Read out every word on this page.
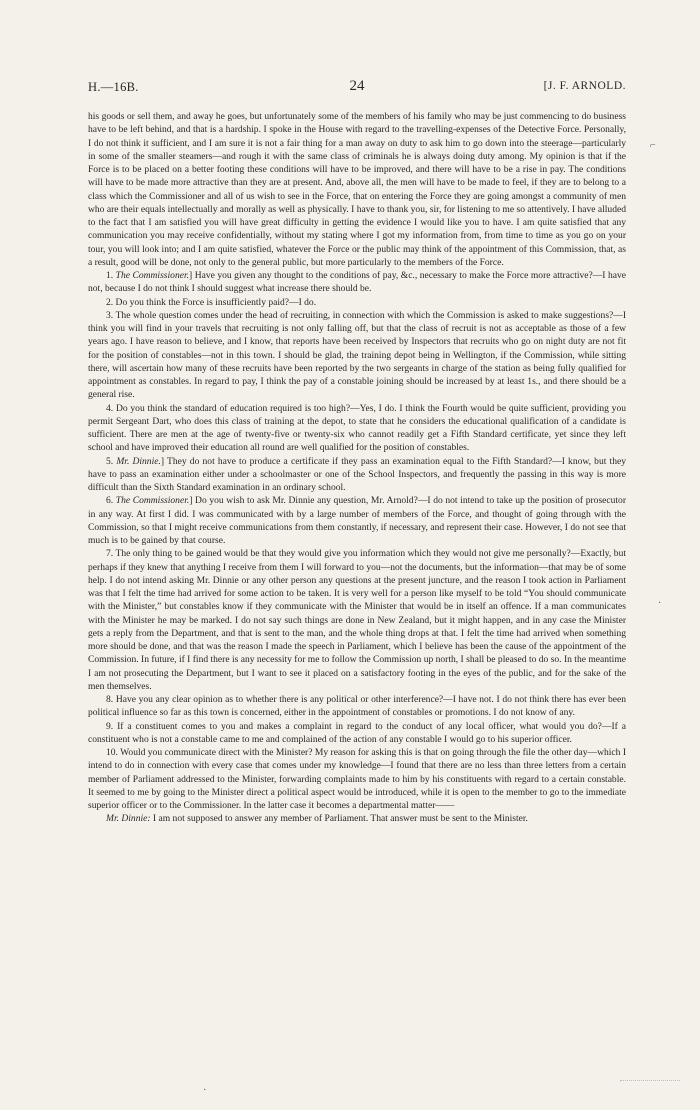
H.—16B.	24	[J. F. ARNOLD.

his goods or sell them, and away he goes, but unfortunately some of the members of his family who may be just commencing to do business have to be left behind, and that is a hardship. I spoke in the House with regard to the travelling-expenses of the Detective Force. Personally, I do not think it sufficient, and I am sure it is not a fair thing for a man away on duty to ask him to go down into the steerage—particularly in some of the smaller steamers—and rough it with the same class of criminals he is always doing duty among. My opinion is that if the Force is to be placed on a better footing these conditions will have to be improved, and there will have to be a rise in pay. The conditions will have to be made more attractive than they are at present. And, above all, the men will have to be made to feel, if they are to belong to a class which the Commissioner and all of us wish to see in the Force, that on entering the Force they are going amongst a community of men who are their equals intellectually and morally as well as physically. I have to thank you, sir, for listening to me so attentively. I have alluded to the fact that I am satisfied you will have great difficulty in getting the evidence I would like you to have. I am quite satisfied that any communication you may receive confidentially, without my stating where I got my information from, from time to time as you go on your tour, you will look into; and I am quite satisfied, whatever the Force or the public may think of the appointment of this Commission, that, as a result, good will be done, not only to the general public, but more particularly to the members of the Force.

1. The Commissioner.] Have you given any thought to the conditions of pay, &c., necessary to make the Force more attractive?—I have not, because I do not think I should suggest what increase there should be.

2. Do you think the Force is insufficiently paid?—I do.

3. The whole question comes under the head of recruiting, in connection with which the Commission is asked to make suggestions?—I think you will find in your travels that recruiting is not only falling off, but that the class of recruit is not as acceptable as those of a few years ago. I have reason to believe, and I know, that reports have been received by Inspectors that recruits who go on night duty are not fit for the position of constables—not in this town. I should be glad, the training depot being in Wellington, if the Commission, while sitting there, will ascertain how many of these recruits have been reported by the two sergeants in charge of the station as being fully qualified for appointment as constables. In regard to pay, I think the pay of a constable joining should be increased by at least 1s., and there should be a general rise.

4. Do you think the standard of education required is too high?—Yes, I do. I think the Fourth would be quite sufficient, providing you permit Sergeant Dart, who does this class of training at the depot, to state that he considers the educational qualification of a candidate is sufficient. There are men at the age of twenty-five or twenty-six who cannot readily get a Fifth Standard certificate, yet since they left school and have improved their education all round are well qualified for the position of constables.

5. Mr. Dinnie.] They do not have to produce a certificate if they pass an examination equal to the Fifth Standard?—I know, but they have to pass an examination either under a schoolmaster or one of the School Inspectors, and frequently the passing in this way is more difficult than the Sixth Standard examination in an ordinary school.

6. The Commissioner.] Do you wish to ask Mr. Dinnie any question, Mr. Arnold?—I do not intend to take up the position of prosecutor in any way. At first I did. I was communicated with by a large number of members of the Force, and thought of going through with the Commission, so that I might receive communications from them constantly, if necessary, and represent their case. However, I do not see that much is to be gained by that course.

7. The only thing to be gained would be that they would give you information which they would not give me personally?—Exactly, but perhaps if they knew that anything I receive from them I will forward to you—not the documents, but the information—that may be of some help. I do not intend asking Mr. Dinnie or any other person any questions at the present juncture, and the reason I took action in Parliament was that I felt the time had arrived for some action to be taken. It is very well for a person like myself to be told “You should communicate with the Minister,” but constables know if they communicate with the Minister that would be in itself an offence. If a man communicates with the Minister he may be marked. I do not say such things are done in New Zealand, but it might happen, and in any case the Minister gets a reply from the Department, and that is sent to the man, and the whole thing drops at that. I felt the time had arrived when something more should be done, and that was the reason I made the speech in Parliament, which I believe has been the cause of the appointment of the Commission. In future, if I find there is any necessity for me to follow the Commission up north, I shall be pleased to do so. In the meantime I am not prosecuting the Department, but I want to see it placed on a satisfactory footing in the eyes of the public, and for the sake of the men themselves.

8. Have you any clear opinion as to whether there is any political or other interference?—I have not. I do not think there has ever been political influence so far as this town is concerned, either in the appointment of constables or promotions. I do not know of any.

9. If a constituent comes to you and makes a complaint in regard to the conduct of any local officer, what would you do?—If a constituent who is not a constable came to me and complained of the action of any constable I would go to his superior officer.

10. Would you communicate direct with the Minister? My reason for asking this is that on going through the file the other day—which I intend to do in connection with every case that comes under my knowledge—I found that there are no less than three letters from a certain member of Parliament addressed to the Minister, forwarding complaints made to him by his constituents with regard to a certain constable. It seemed to me by going to the Minister direct a political aspect would be introduced, while it is open to the member to go to the immediate superior officer or to the Commissioner. In the latter case it becomes a departmental matter——

Mr. Dinnie: I am not supposed to answer any member of Parliament. That answer must be sent to the Minister.

⌐
·
·
